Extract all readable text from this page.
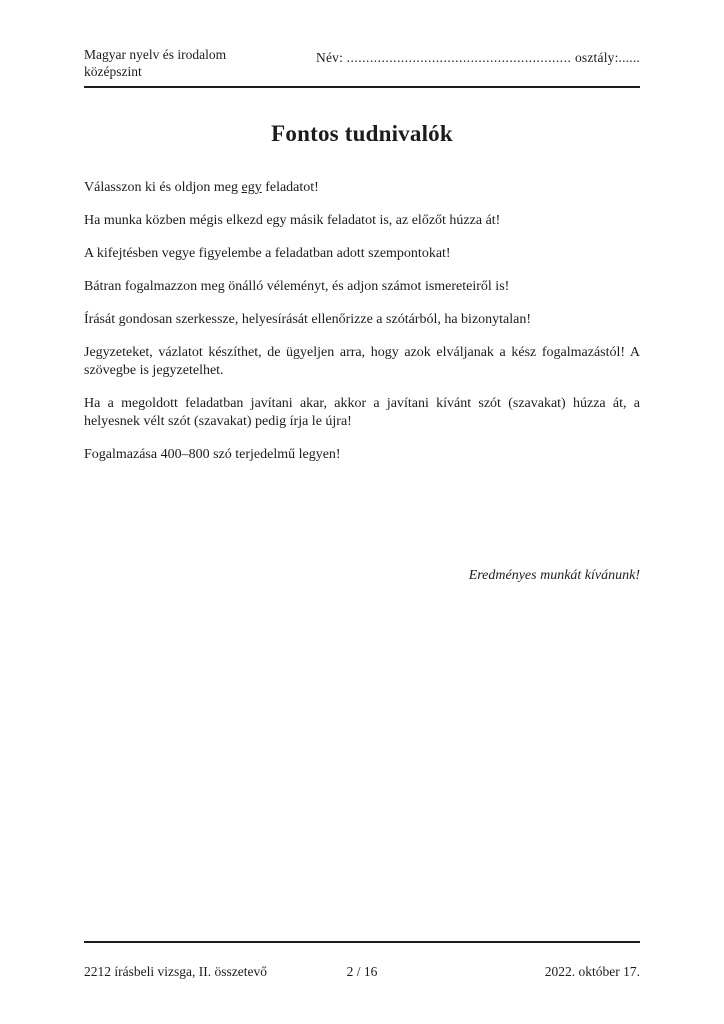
Magyar nyelv és irodalom
középszint
Név: .......................................................... osztály:......
Fontos tudnivalók

Válasszon ki és oldjon meg egy feladatot!

Ha munka közben mégis elkezd egy másik feladatot is, az előzőt húzza át!

A kifejtésben vegye figyelembe a feladatban adott szempontokat!

Bátran fogalmazzon meg önálló véleményt, és adjon számot ismereteiről is!

Írását gondosan szerkessze, helyesírását ellenőrizze a szótárból, ha bizonytalan!

Jegyzeteket, vázlatot készíthet, de ügyeljen arra, hogy azok elváljanak a kész fogalmazástól! A szövegbe is jegyzetelhet.

Ha a megoldott feladatban javítani akar, akkor a javítani kívánt szót (szavakat) húzza át, a helyesnek vélt szót (szavakat) pedig írja le újra!

Fogalmazása 400–800 szó terjedelmű legyen!

Eredményes munkát kívánunk!
2212 írásbeli vizsga, II. összetevő	2 / 16	2022. október 17.
